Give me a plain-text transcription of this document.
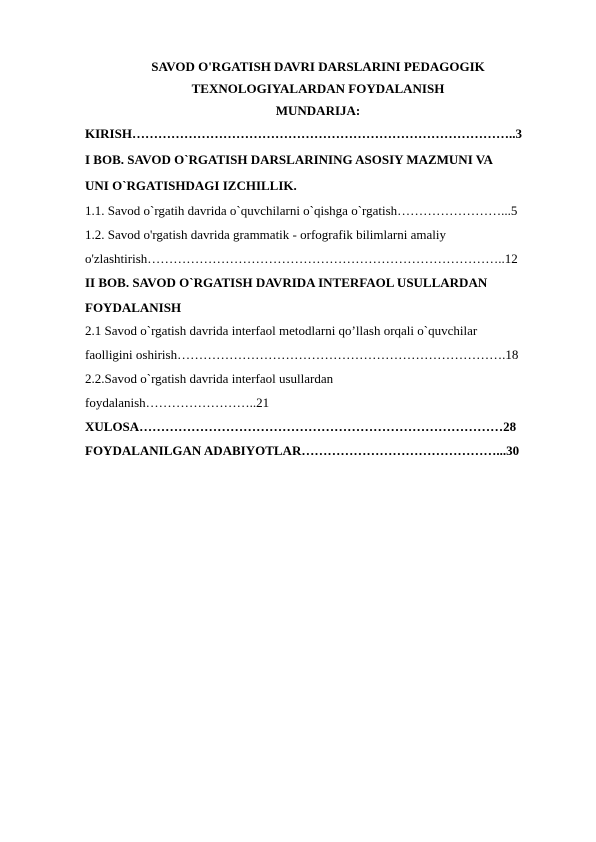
SAVOD O'RGATISH DAVRI DARSLARINI PEDAGOGIK
TEXNOLOGIYALARDAN FOYDALANISH
MUNDARIJA:
KIRISH……………………………………………………………………………..3
I BOB. SAVOD O`RGATISH DARSLARINING ASOSIY MAZMUNI VA
UNI O`RGATISHDAGI IZCHILLIK.
1.1. Savod o`rgatih davrida o`quvchilarni o`qishga o`rgatish……………………...5
1.2. Savod o'rgatish davrida grammatik - orfografik bilimlarni amaliy
o'zlashtirish………………………………………………………………………..12
II BOB. SAVOD O`RGATISH DAVRIDA INTERFAOL USULLARDAN
FOYDALANISH
2.1 Savod o`rgatish davrida interfaol metodlarni qo’llash orqali o`quvchilar
faolligini oshirish………………………………………………………………….18
2.2.Savod o`rgatish davrida interfaol usullardan
foydalanish……………………..21
XULOSA…………………………………………………………………………28
FOYDALANILGAN ADABIYOTLAR………………………………………...30
